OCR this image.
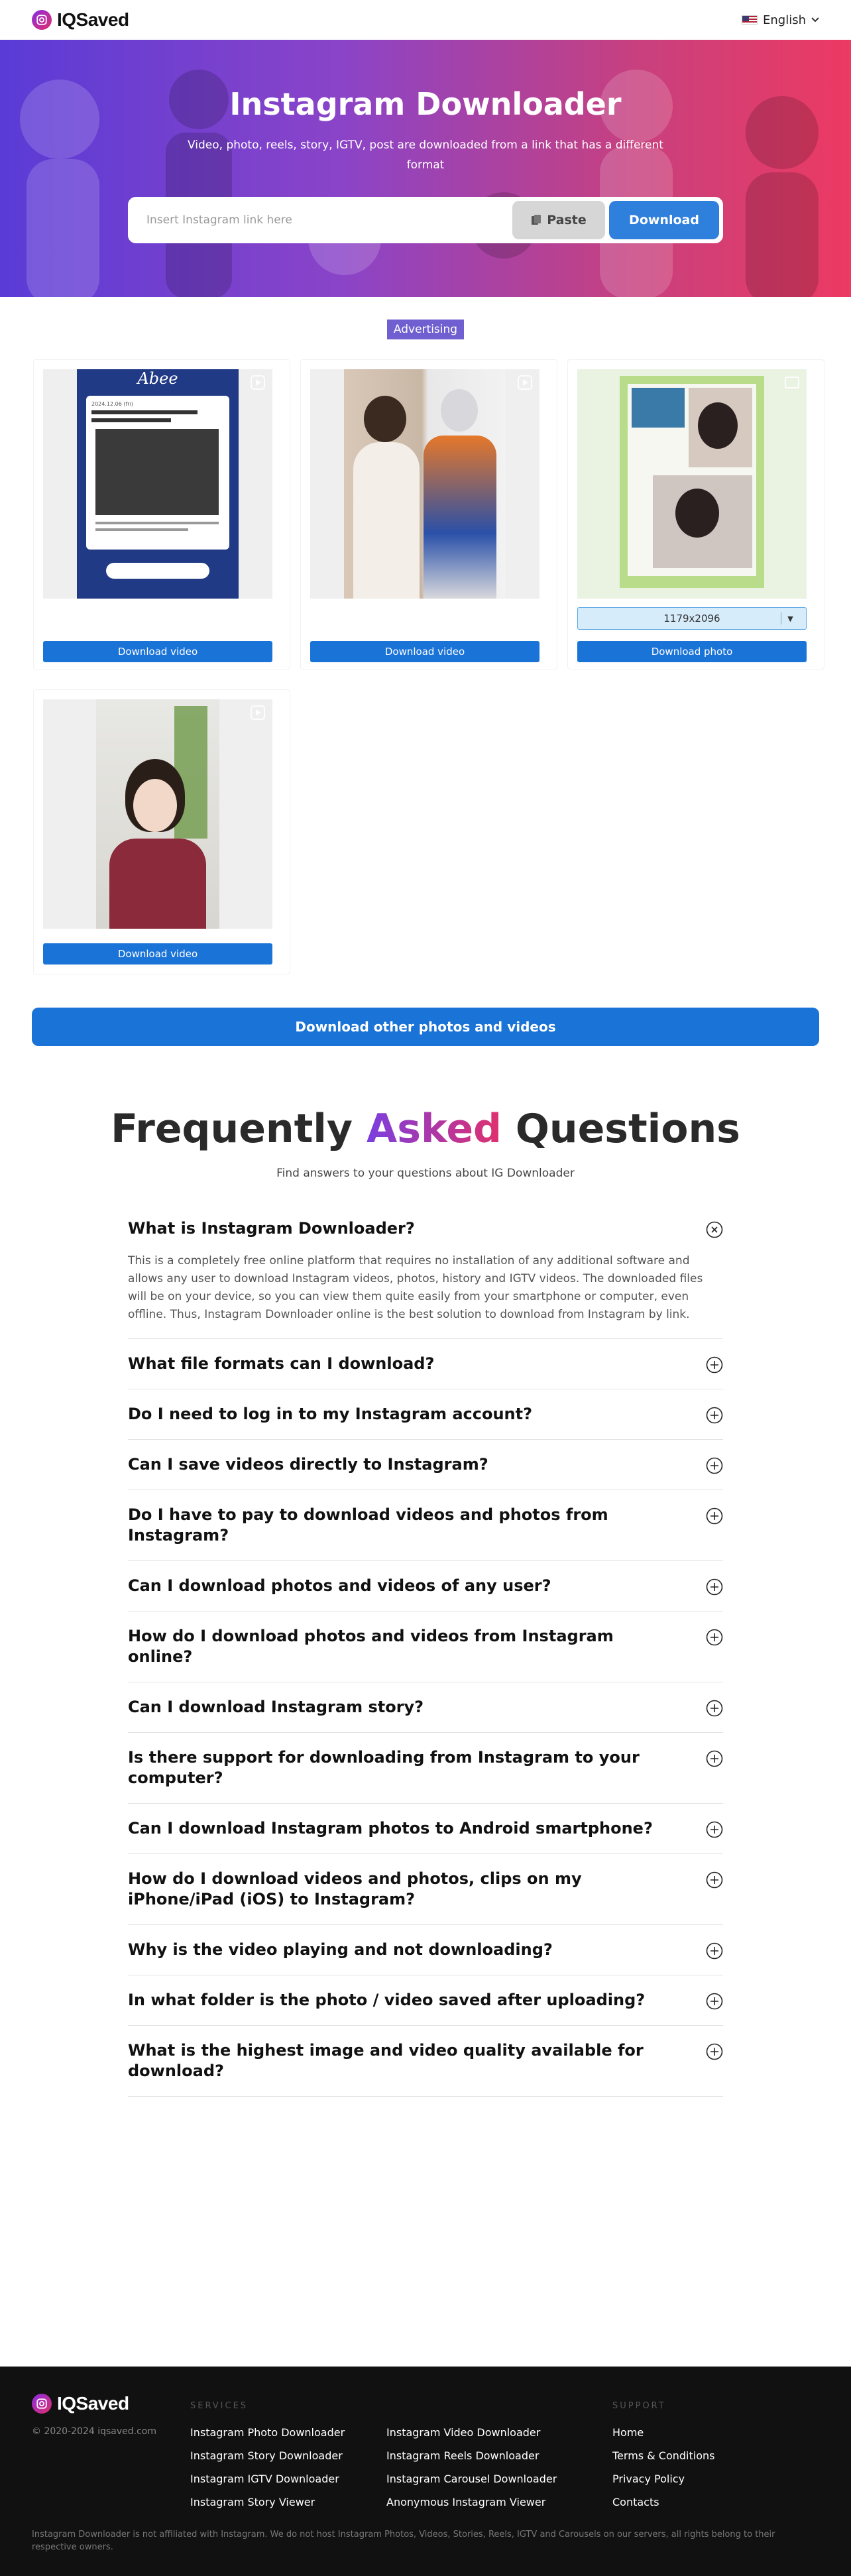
IQSaved	English
Instagram Downloader
Video, photo, reels, story, IGTV, post are downloaded from a link that has a different format
Insert Instagram link here
Paste	Download
Advertising
Abee
2024.12.06 (fri)
Download video	Download video
1179x2096	▼
Download photo
Download video
Download other photos and videos
Frequently Asked Questions
Find answers to your questions about IG Downloader
What is Instagram Downloader?
This is a completely free online platform that requires no installation of any additional software and allows any user to download Instagram videos, photos, history and IGTV videos. The downloaded files will be on your device, so you can view them quite easily from your smartphone or computer, even offline. Thus, Instagram Downloader online is the best solution to download from Instagram by link.
What file formats can I download?
Do I need to log in to my Instagram account?
Can I save videos directly to Instagram?
Do I have to pay to download videos and photos from Instagram?
Can I download photos and videos of any user?
How do I download photos and videos from Instagram online?
Can I download Instagram story?
Is there support for downloading from Instagram to your computer?
Can I download Instagram photos to Android smartphone?
How do I download videos and photos, clips on my iPhone/iPad (iOS) to Instagram?
Why is the video playing and not downloading?
In what folder is the photo / video saved after uploading?
What is the highest image and video quality available for download?
IQSaved
© 2020-2024 iqsaved.com
SERVICES
Instagram Photo Downloader
Instagram Story Downloader
Instagram IGTV Downloader
Instagram Story Viewer
Instagram Video Downloader
Instagram Reels Downloader
Instagram Carousel Downloader
Anonymous Instagram Viewer
SUPPORT
Home
Terms & Conditions
Privacy Policy
Contacts
Instagram Downloader is not affiliated with Instagram. We do not host Instagram Photos, Videos, Stories, Reels, IGTV and Carousels on our servers, all rights belong to their respective owners.
